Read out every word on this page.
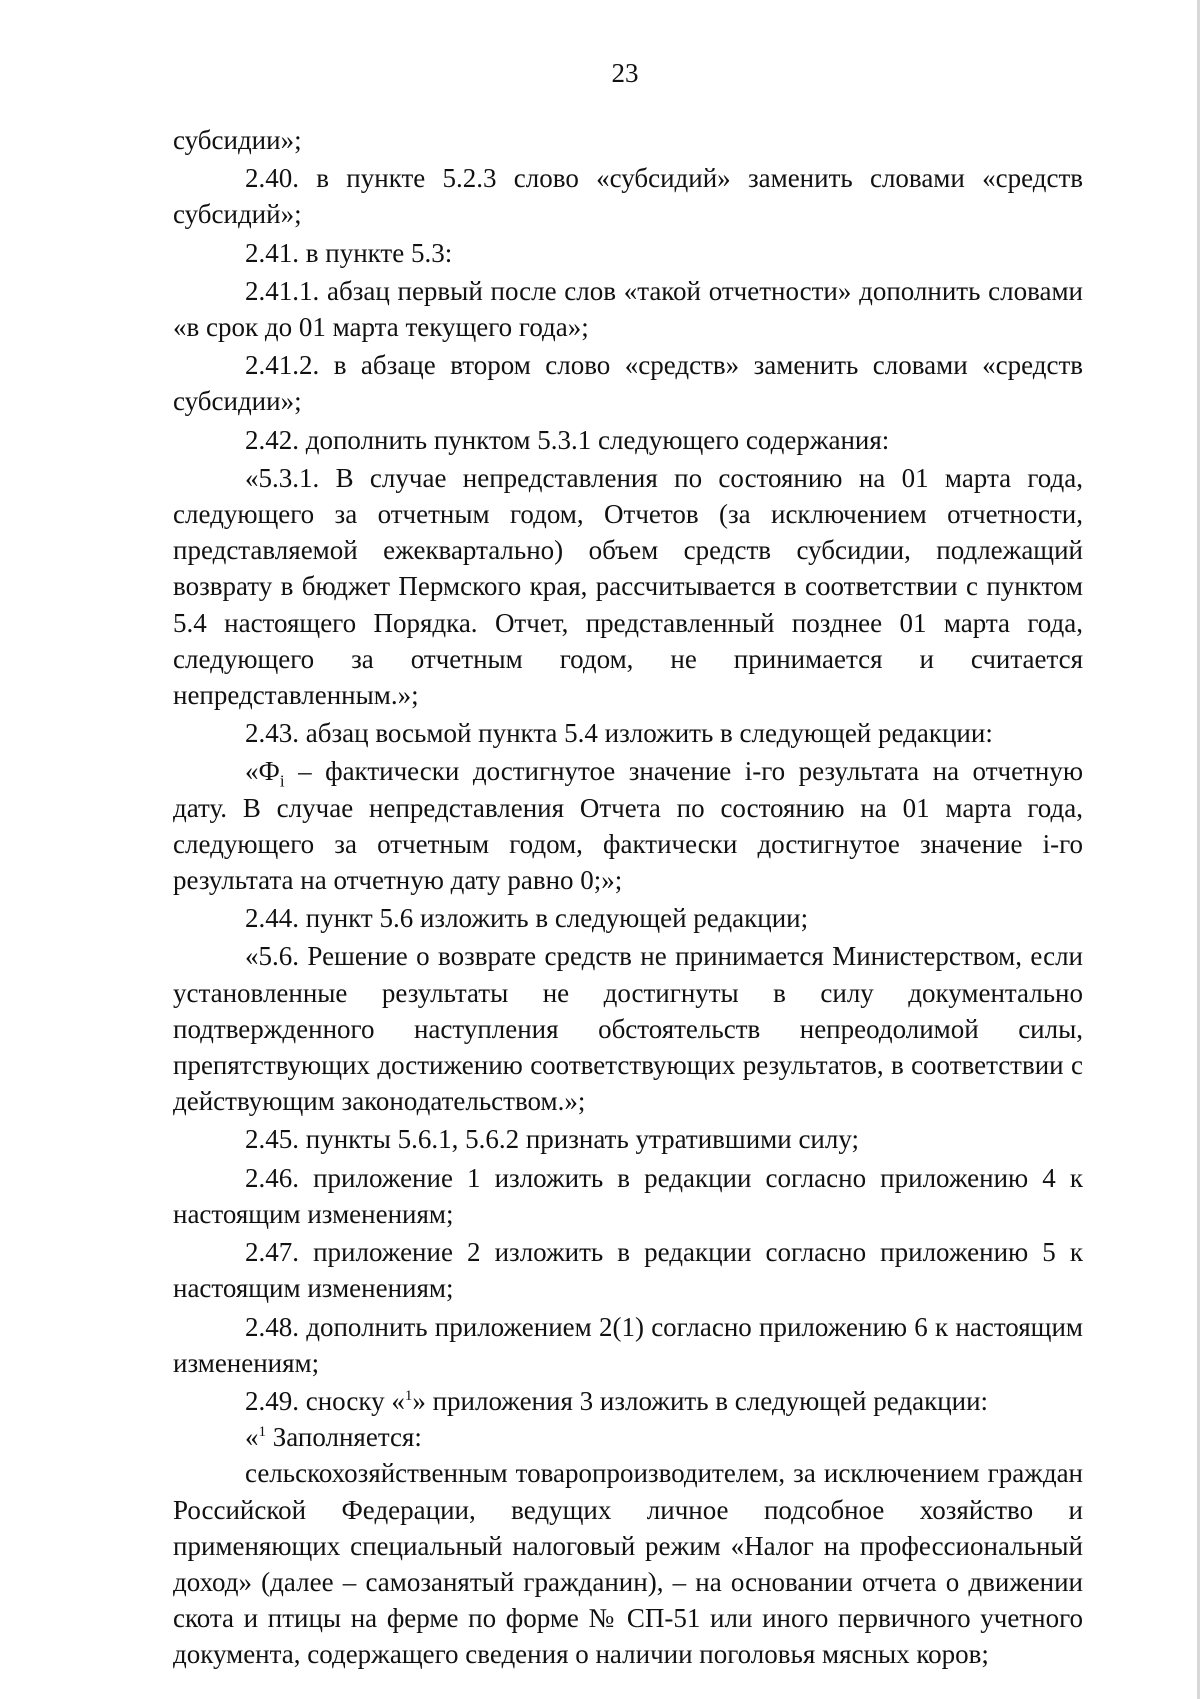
23

субсидии»;

2.40. в пункте 5.2.3 слово «субсидий» заменить словами «средств субсидий»;

2.41. в пункте 5.3:

2.41.1. абзац первый после слов «такой отчетности» дополнить словами «в срок до 01 марта текущего года»;

2.41.2. в абзаце втором слово «средств» заменить словами «средств субсидии»;

2.42. дополнить пунктом 5.3.1 следующего содержания:

«5.3.1. В случае непредставления по состоянию на 01 марта года, следующего за отчетным годом, Отчетов (за исключением отчетности, представляемой ежеквартально) объем средств субсидии, подлежащий возврату в бюджет Пермского края, рассчитывается в соответствии с пунктом 5.4 настоящего Порядка. Отчет, представленный позднее 01 марта года, следующего за отчетным годом, не принимается и считается непредставленным.»;

2.43. абзац восьмой пункта 5.4 изложить в следующей редакции:

«$Ф_i$ – фактически достигнутое значение i-го результата на отчетную дату. В случае непредставления Отчета по состоянию на 01 марта года, следующего за отчетным годом, фактически достигнутое значение i-го результата на отчетную дату равно 0;»;

2.44. пункт 5.6 изложить в следующей редакции;

«5.6. Решение о возврате средств не принимается Министерством, если установленные результаты не достигнуты в силу документально подтвержденного наступления обстоятельств непреодолимой силы, препятствующих достижению соответствующих результатов, в соответствии с действующим законодательством.»;

2.45. пункты 5.6.1, 5.6.2 признать утратившими силу;

2.46. приложение 1 изложить в редакции согласно приложению 4 к настоящим изменениям;

2.47. приложение 2 изложить в редакции согласно приложению 5 к настоящим изменениям;

2.48. дополнить приложением 2(1) согласно приложению 6 к настоящим изменениям;

2.49. сноску «$^1$» приложения 3 изложить в следующей редакции:

«$^1$ Заполняется:

сельскохозяйственным товаропроизводителем, за исключением граждан Российской Федерации, ведущих личное подсобное хозяйство и применяющих специальный налоговый режим «Налог на профессиональный доход» (далее – самозанятый гражданин), – на основании отчета о движении скота и птицы на ферме по форме № СП-51 или иного первичного учетного документа, содержащего сведения о наличии поголовья мясных коров;
